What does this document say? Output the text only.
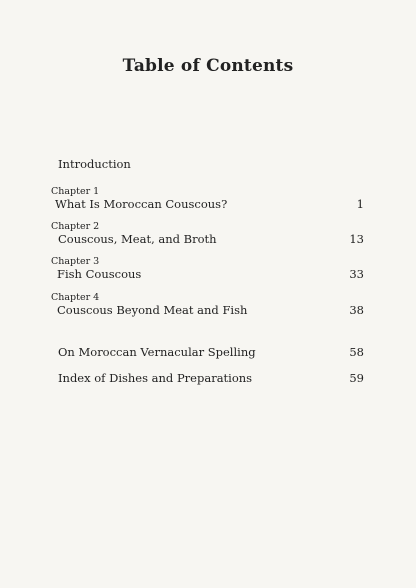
Table of Contents
Introduction
Chapter 1
What Is Moroccan Couscous?	1
Chapter 2
Couscous, Meat, and Broth	13
Chapter 3
Fish Couscous	33
Chapter 4
Couscous Beyond Meat and Fish	38
On Moroccan Vernacular Spelling	58
Index of Dishes and Preparations	59
